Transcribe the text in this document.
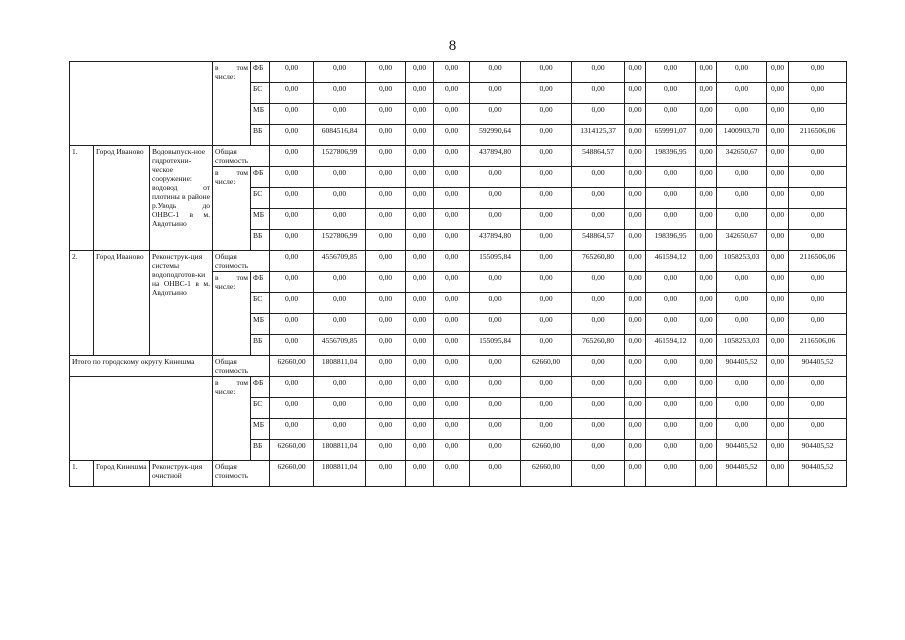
8
			в том числе:	ФБ	0,00	0,00	0,00	0,00	0,00	0,00	0,00	0,00	0,00	0,00	0,00	0,00	0,00	0,00
				БС	0,00	0,00	0,00	0,00	0,00	0,00	0,00	0,00	0,00	0,00	0,00	0,00	0,00	0,00
				МБ	0,00	0,00	0,00	0,00	0,00	0,00	0,00	0,00	0,00	0,00	0,00	0,00	0,00	0,00
				ВБ	0,00	6084516,84	0,00	0,00	0,00	592990,64	0,00	1314125,37	0,00	659991,07	0,00	1400903,70	0,00	2116506,06
1.	Город Иваново	Водовыпуск-ное гидротехни-ческое сооружение: водовод от плотины в районе р.Уводь до ОНВС-1 в м. Авдотьино	Общая стоимость		0,00	1527806,99	0,00	0,00	0,00	437894,80	0,00	548864,57	0,00	198396,95	0,00	342650,67	0,00	0,00
			в том числе:	ФБ	0,00	0,00	0,00	0,00	0,00	0,00	0,00	0,00	0,00	0,00	0,00	0,00	0,00	0,00
				БС	0,00	0,00	0,00	0,00	0,00	0,00	0,00	0,00	0,00	0,00	0,00	0,00	0,00	0,00
				МБ	0,00	0,00	0,00	0,00	0,00	0,00	0,00	0,00	0,00	0,00	0,00	0,00	0,00	0,00
				ВБ	0,00	1527806,99	0,00	0,00	0,00	437894,80	0,00	548864,57	0,00	198396,95	0,00	342650,67	0,00	0,00
2.	Город Иваново	Реконструк-ция системы водоподготов-ки на ОНВС-1 в м. Авдотьино	Общая стоимость		0,00	4556709,85	0,00	0,00	0,00	155095,84	0,00	765260,80	0,00	461594,12	0,00	1058253,03	0,00	2116506,06
			в том числе:	ФБ	0,00	0,00	0,00	0,00	0,00	0,00	0,00	0,00	0,00	0,00	0,00	0,00	0,00	0,00
				БС	0,00	0,00	0,00	0,00	0,00	0,00	0,00	0,00	0,00	0,00	0,00	0,00	0,00	0,00
				МБ	0,00	0,00	0,00	0,00	0,00	0,00	0,00	0,00	0,00	0,00	0,00	0,00	0,00	0,00
				ВБ	0,00	4556709,85	0,00	0,00	0,00	155095,84	0,00	765260,80	0,00	461594,12	0,00	1058253,03	0,00	2116506,06
Итого по городскому округу Кинешма			Общая стоимость		62660,00	1808811,04	0,00	0,00	0,00	0,00	62660,00	0,00	0,00	0,00	0,00	904405,52	0,00	904405,52
			в том числе:	ФБ	0,00	0,00	0,00	0,00	0,00	0,00	0,00	0,00	0,00	0,00	0,00	0,00	0,00	0,00
				БС	0,00	0,00	0,00	0,00	0,00	0,00	0,00	0,00	0,00	0,00	0,00	0,00	0,00	0,00
				МБ	0,00	0,00	0,00	0,00	0,00	0,00	0,00	0,00	0,00	0,00	0,00	0,00	0,00	0,00
				ВБ	62660,00	1808811,04	0,00	0,00	0,00	0,00	62660,00	0,00	0,00	0,00	0,00	904405,52	0,00	904405,52
1.	Город Кинешма	Реконструк-ция очистной	Общая стоимость		62660,00	1808811,04	0,00	0,00	0,00	0,00	62660,00	0,00	0,00	0,00	0,00	904405,52	0,00	904405,52
